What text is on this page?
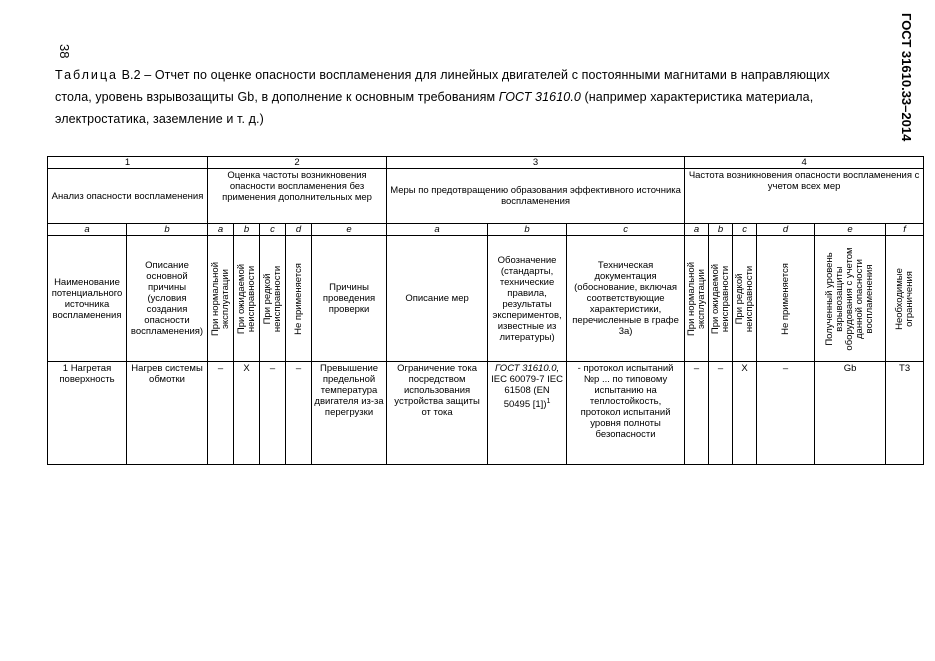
38	ГОСТ 31610.33–2014
Таблица B.2 – Отчет по оценке опасности воспламенения для линейных двигателей с постоянными магнитами в направляющих стола, уровень взрывозащиты Gb, в дополнение к основным требованиям ГОСТ 31610.0 (например характеристика материала, электростатика, заземление и т. д.)
1		2					3			4					
Анализ опасности воспламенения		Оценка частоты возникновения опасности воспламенения без применения дополнительных мер					Меры по предотвращению образования эффективного источника воспламенения			Частота возникновения опасности воспламенения с учетом всех мер					
a	b	a	b	c	d	e	a	b	c	a	b	c	d	e	f
Наименование потенциального источника воспламенения	Описание основной причины (условия создания опасности воспламенения)	При нормальной эксплуатации	При ожидаемой неисправности	При редкой неисправности	Не применяется	Причины проведения проверки	Описание мер	Обозначение (стандарты, технические правила, результаты экспериментов, известные из литературы)	Техническая документация (обоснование, включая соответствующие характеристики, перечисленные в графе 3а)	При нормальной эксплуатации	При ожидаемой неисправности	При редкой неисправности	Не применяется	Полученный уровень взрывозащиты оборудования с учетом данной опасности воспламенения	Необходимые ограничения

1 Нагретая поверхность	Нагрев системы обмотки	–	X	–	–	Превышение предельной температура двигателя из-за перегрузки	Ограничение тока посредством использования устройства защиты от тока	ГОСТ 31610.0,
IEC 60079-7 IEC 61508 (EN 50495 [1])$^1$	- протокол испытаний №р ... по типовому испытанию на теплостойкость, протокол испытаний уровня полноты безопасности	–	–	X	–	Gb	T3
